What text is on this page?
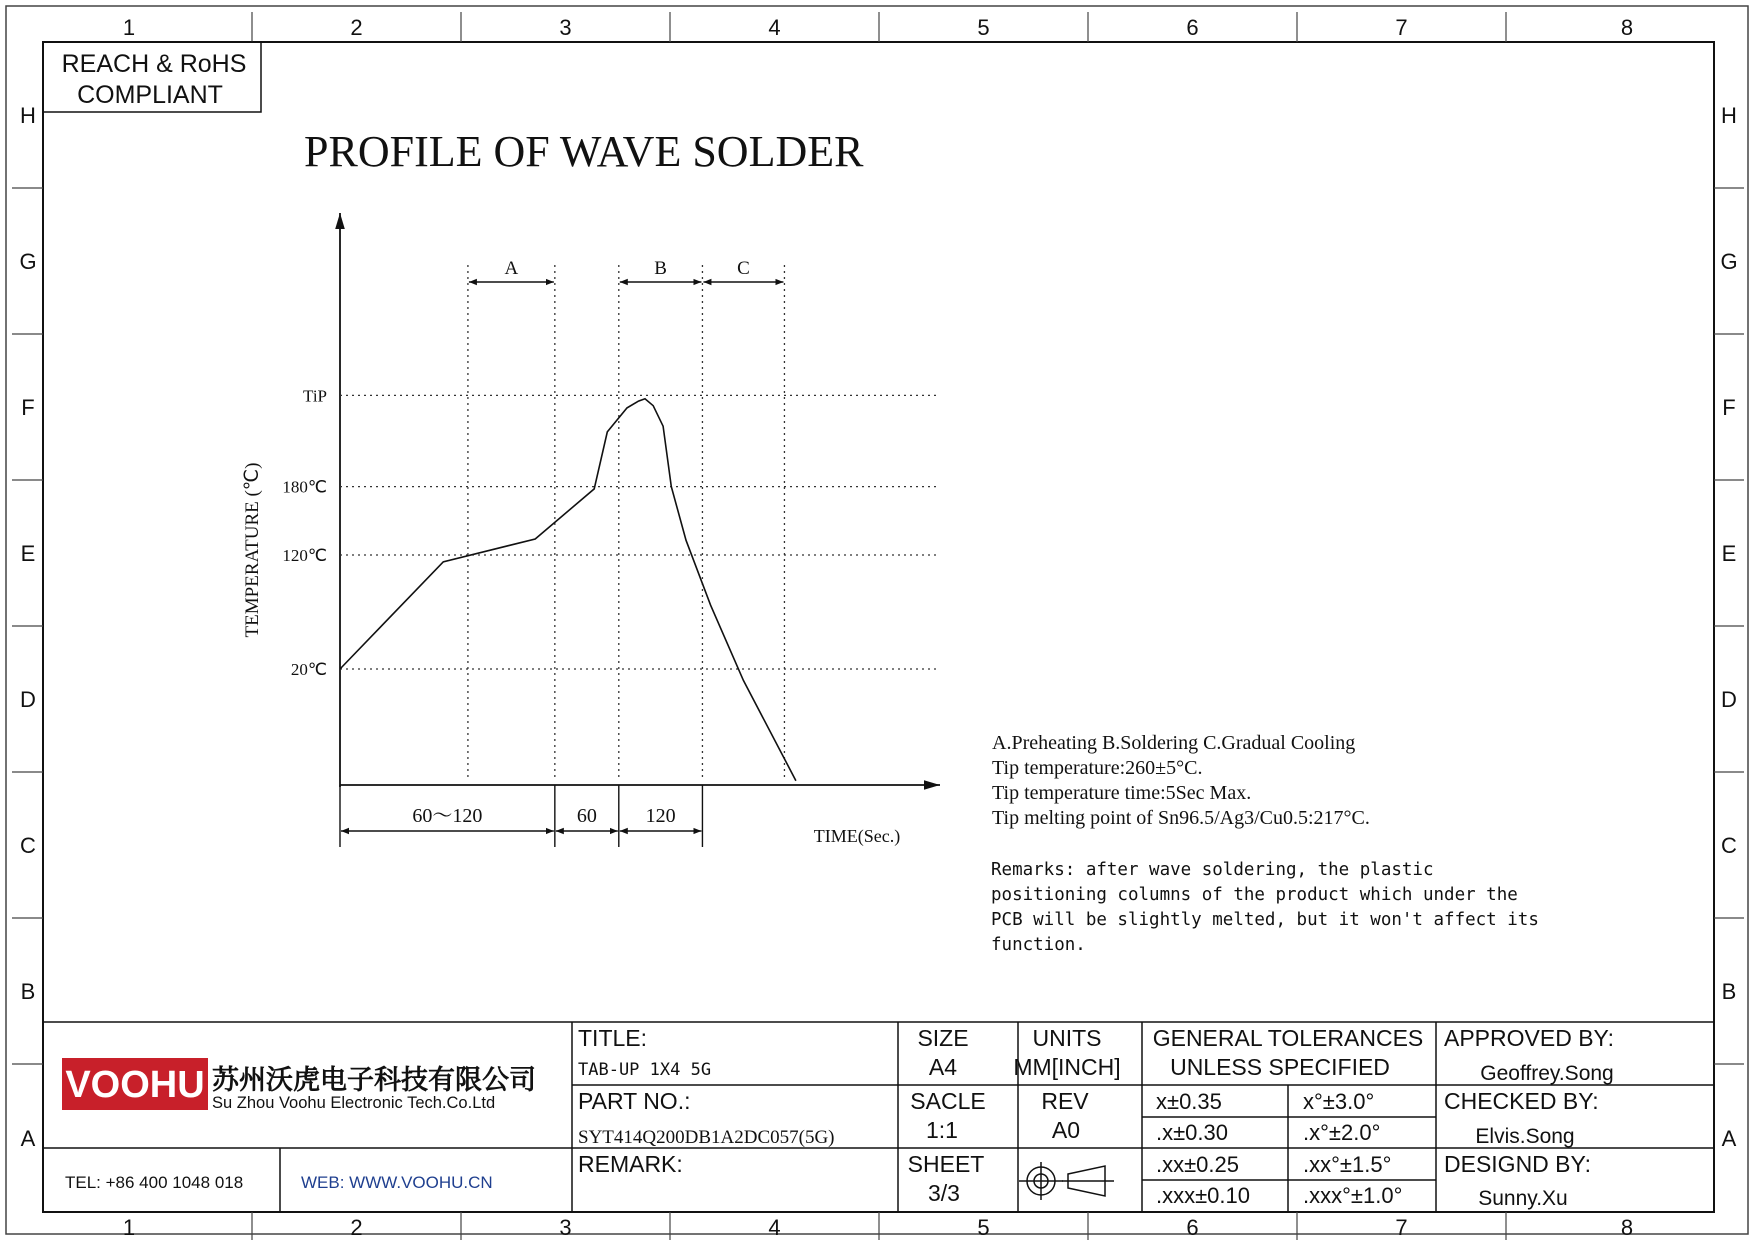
1
1
2
2
3
3
4
4
5
5
6
6
7
7
8
8
H	H
G	G
F	F
E	E
D	D
C	C
B	B
A	A
REACH & RoHS
COMPLIANT
PROFILE OF WAVE SOLDER
TiP
180℃
120℃
20℃
TEMPERATURE (℃)
A	B	C
60～120	60 120
TIME(Sec.)
A.Preheating B.Soldering C.Gradual Cooling
Tip temperature:260±5°C.
Tip temperature time:5Sec Max.
Tip melting point of Sn96.5/Ag3/Cu0.5:217°C.
Remarks: after wave soldering, the plastic
positioning columns of the product which under the
PCB will be slightly melted, but it won't affect its
function.
VOOHU 苏州沃虎电子科技有限公司
Su Zhou Voohu Electronic Tech.Co.Ltd
TEL: +86 400 1048 018	WEB: WWW.VOOHU.CN
TITLE:
TAB-UP 1X4 5G
PART NO.:
SYT414Q200DB1A2DC057(5G)
REMARK:
SIZE
A4
UNITS
MM[INCH]
SACLE
1:1
REV
A0
SHEET
3/3
GENERAL TOLERANCES
UNLESS SPECIFIED
APPROVED BY:
Geoffrey.Song
CHECKED BY:
Elvis.Song
DESIGND BY:
Sunny.Xu
x±0.35	x°±3.0°
.x±0.30	.x°±2.0°
.xx±0.25	.xx°±1.5°
.xxx±0.10 .xxx°±1.0°
